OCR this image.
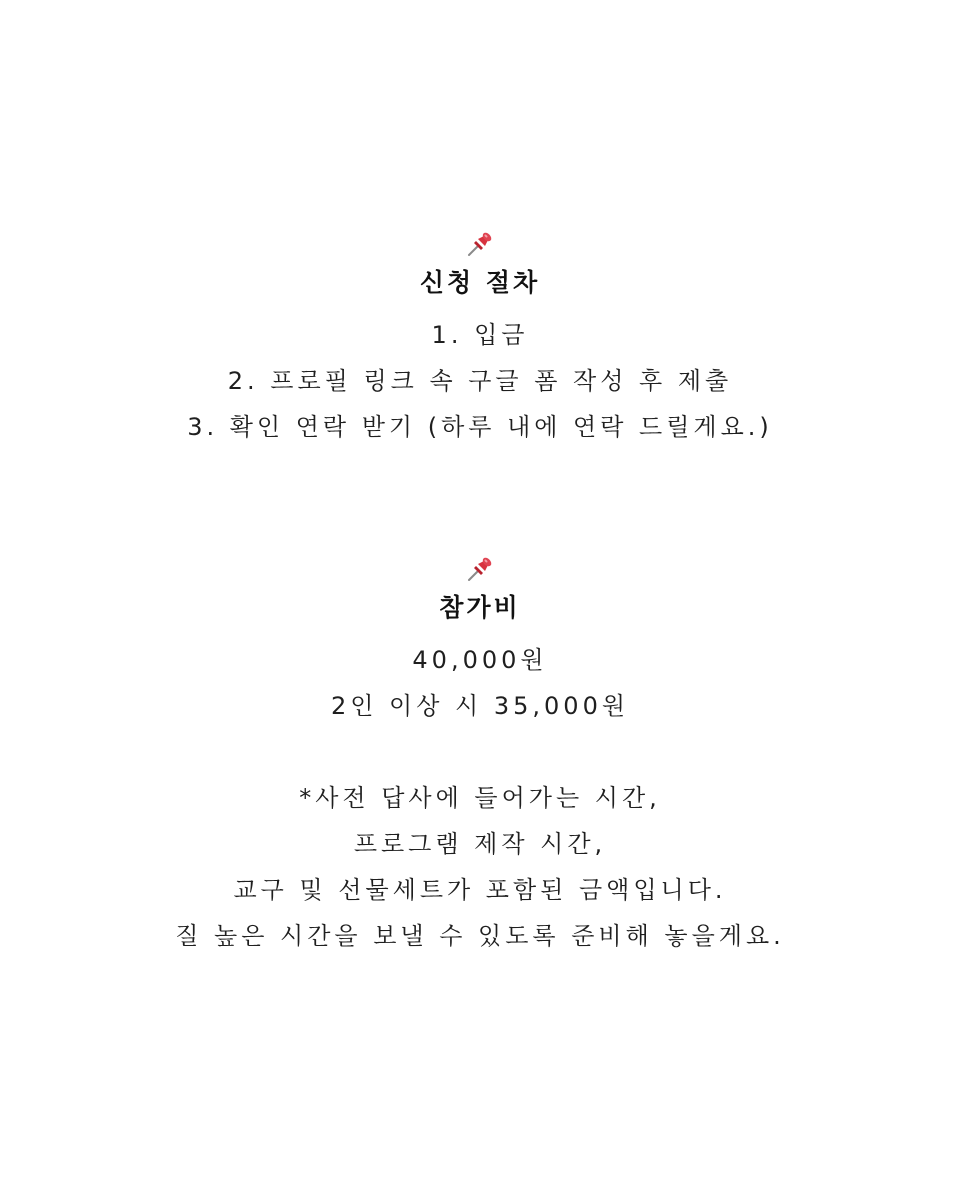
신청 절차

1. 입금

2. 프로필 링크 속 구글 폼 작성 후 제출

3. 확인 연락 받기 (하루 내에 연락 드릴게요.)

참가비

40,000원

2인 이상 시 35,000원

*사전 답사에 들어가는 시간,

프로그램 제작 시간,

교구 및 선물세트가 포함된 금액입니다.

질 높은 시간을 보낼 수 있도록 준비해 놓을게요.
